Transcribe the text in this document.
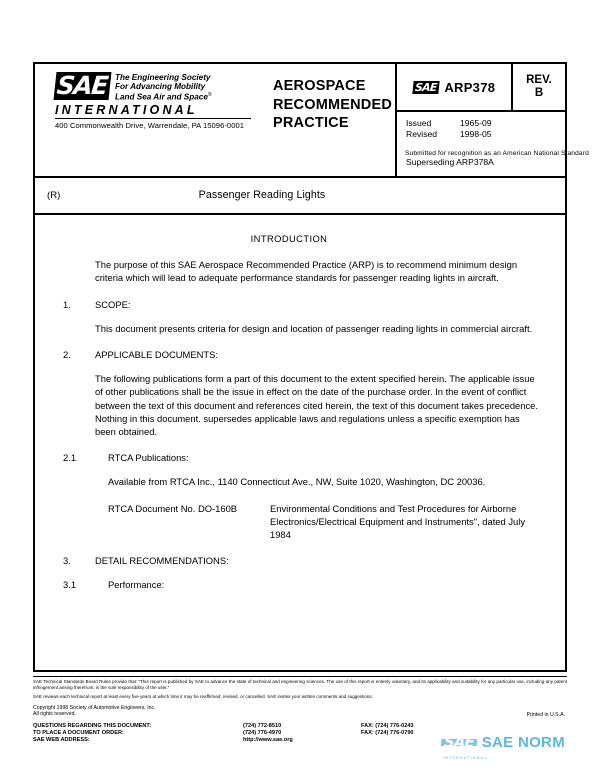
SAE The Engineering Society
For Advancing Mobility
Land Sea Air and Space®
INTERNATIONAL
400 Commonwealth Drive, Warrendale, PA 15096-0001
AEROSPACE
RECOMMENDED
PRACTICE
Submitted for recognition as an American National Standard
SAE ARP378	REV.
B
Issued	1965-09
Revised	1998-05
Superseding ARP378A
(R)	Passenger Reading Lights
INTRODUCTION

The purpose of this SAE Aerospace Recommended Practice (ARP) is to recommend minimum design criteria which will lead to adequate performance standards for passenger reading lights in aircraft.

1.	SCOPE:

This document presents criteria for design and location of passenger reading lights in commercial aircraft.

2.	APPLICABLE DOCUMENTS:

The following publications form a part of this document to the extent specified herein. The applicable issue of other publications shall be the issue in effect on the date of the purchase order. In the event of conflict between the text of this document and references cited herein, the text of this document takes precedence. Nothing in this document. supersedes applicable laws and regulations unless a specific exemption has been obtained.

2.1	RTCA Publications:

Available from RTCA Inc., 1140 Connecticut Ave., NW, Suite 1020, Washington, DC 20036.

RTCA Document No. DO-160B	Environmental Conditions and Test Procedures for Airborne Electronics/Electrical Equipment and Instruments", dated July 1984
3.	DETAIL RECOMMENDATIONS:
3.1	Performance:
SAE Technical Standards Board Rules provide that: "This report is published by SAE to advance the state of technical and engineering sciences. The use of this report is entirely voluntary, and its applicability and suitability for any particular use, including any patent infringement arising therefrom, is the sole responsibility of the user."
SAE reviews each technical report at least every five years at which time it may be reaffirmed, revised, or cancelled. SAE invites your written comments and suggestions.
Copyright 1998 Society of Automotive Engineers, Inc.
All rights reserved.	Printed in U.S.A.
QUESTIONS REGARDING THIS DOCUMENT:	(724) 772-8510	FAX: (724) 776-0243
TO PLACE A DOCUMENT ORDER:	(724) 776-4970	FAX: (724) 776-0790
SAE WEB ADDRESS:	http://www.sae.org	SAE SAE NORM
INTERNATIONAL
